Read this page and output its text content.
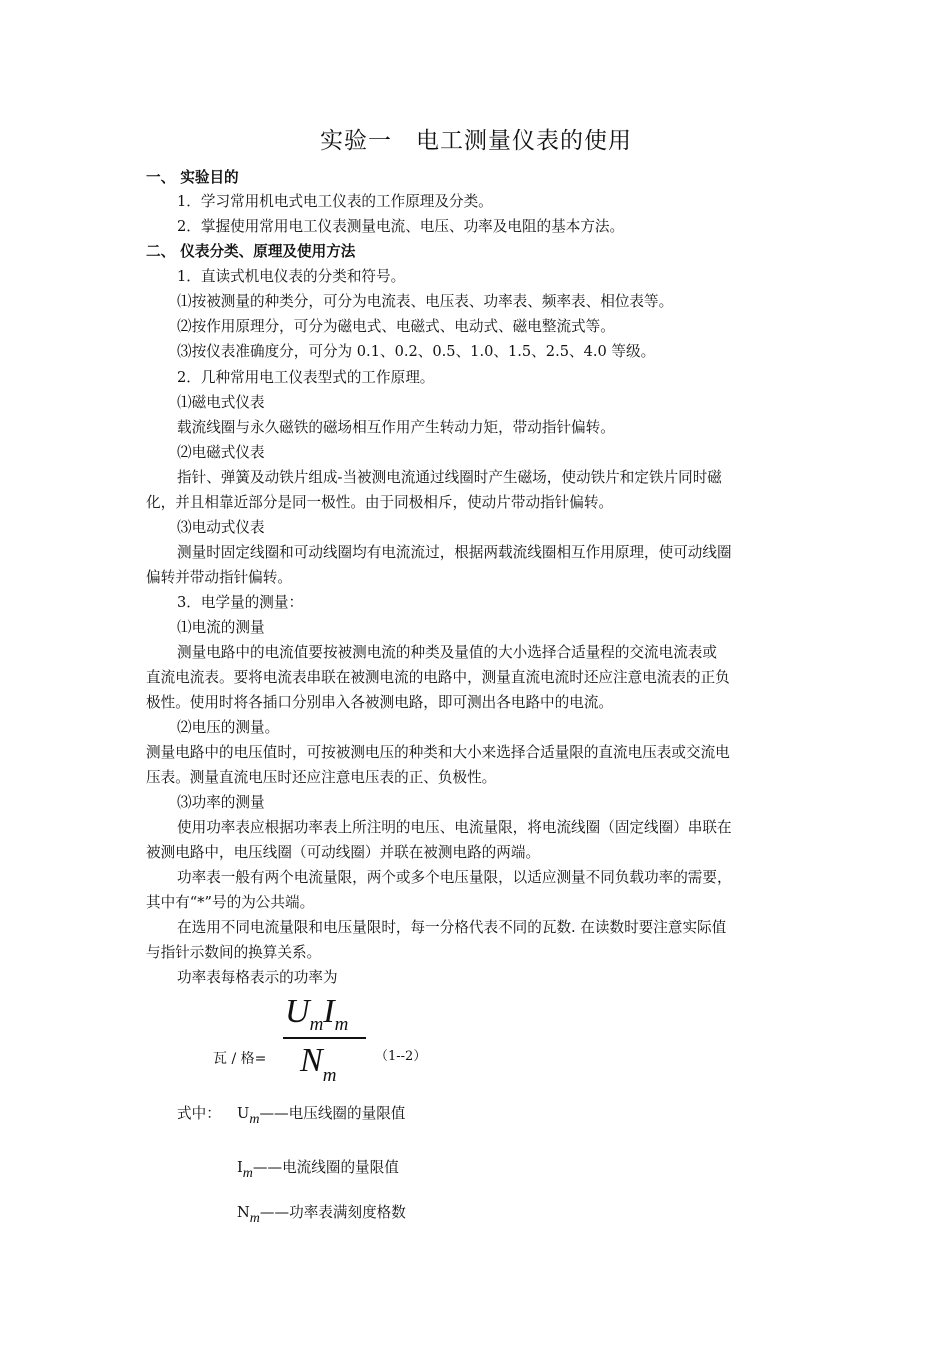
实验一　电工测量仪表的使用
一、 实验目的
1．学习常用机电式电工仪表的工作原理及分类。
2．掌握使用常用电工仪表测量电流、电压、功率及电阻的基本方法。
二、 仪表分类、原理及使用方法
1．直读式机电仪表的分类和符号。
⑴按被测量的种类分，可分为电流表、电压表、功率表、频率表、相位表等。
⑵按作用原理分，可分为磁电式、电磁式、电动式、磁电整流式等。
⑶按仪表准确度分，可分为 0.1、0.2、0.5、1.0、1.5、2.5、4.0 等级。
2．几种常用电工仪表型式的工作原理。
⑴磁电式仪表
载流线圈与永久磁铁的磁场相互作用产生转动力矩，带动指针偏转。
⑵电磁式仪表
指针、弹簧及动铁片组成-当被测电流通过线圈时产生磁场，使动铁片和定铁片同时磁
化，并且相靠近部分是同一极性。由于同极相斥，使动片带动指针偏转。
⑶电动式仪表
测量时固定线圈和可动线圈均有电流流过，根据两载流线圈相互作用原理，使可动线圈
偏转并带动指针偏转。
3．电学量的测量：
⑴电流的测量
测量电路中的电流值要按被测电流的种类及量值的大小选择合适量程的交流电流表或
直流电流表。要将电流表串联在被测电流的电路中，测量直流电流时还应注意电流表的正负
极性。使用时将各插口分别串入各被测电路，即可测出各电路中的电流。
⑵电压的测量。
测量电路中的电压值时，可按被测电压的种类和大小来选择合适量限的直流电压表或交流电
压表。测量直流电压时还应注意电压表的正、负极性。
⑶功率的测量
使用功率表应根据功率表上所注明的电压、电流量限，将电流线圈（固定线圈）串联在
被测电路中，电压线圈（可动线圈）并联在被测电路的两端。
功率表一般有两个电流量限，两个或多个电压量限，以适应测量不同负载功率的需要，
其中有“*”号的为公共端。
在选用不同电流量限和电压量限时，每一分格代表不同的瓦数. 在读数时要注意实际值
与指针示数间的换算关系。
功率表每格表示的功率为
瓦 / 格=
$U_mI_m$
$N_m$
（1--2）
式中： Um——电压线圈的量限值
Im——电流线圈的量限值
Nm——功率表满刻度格数
